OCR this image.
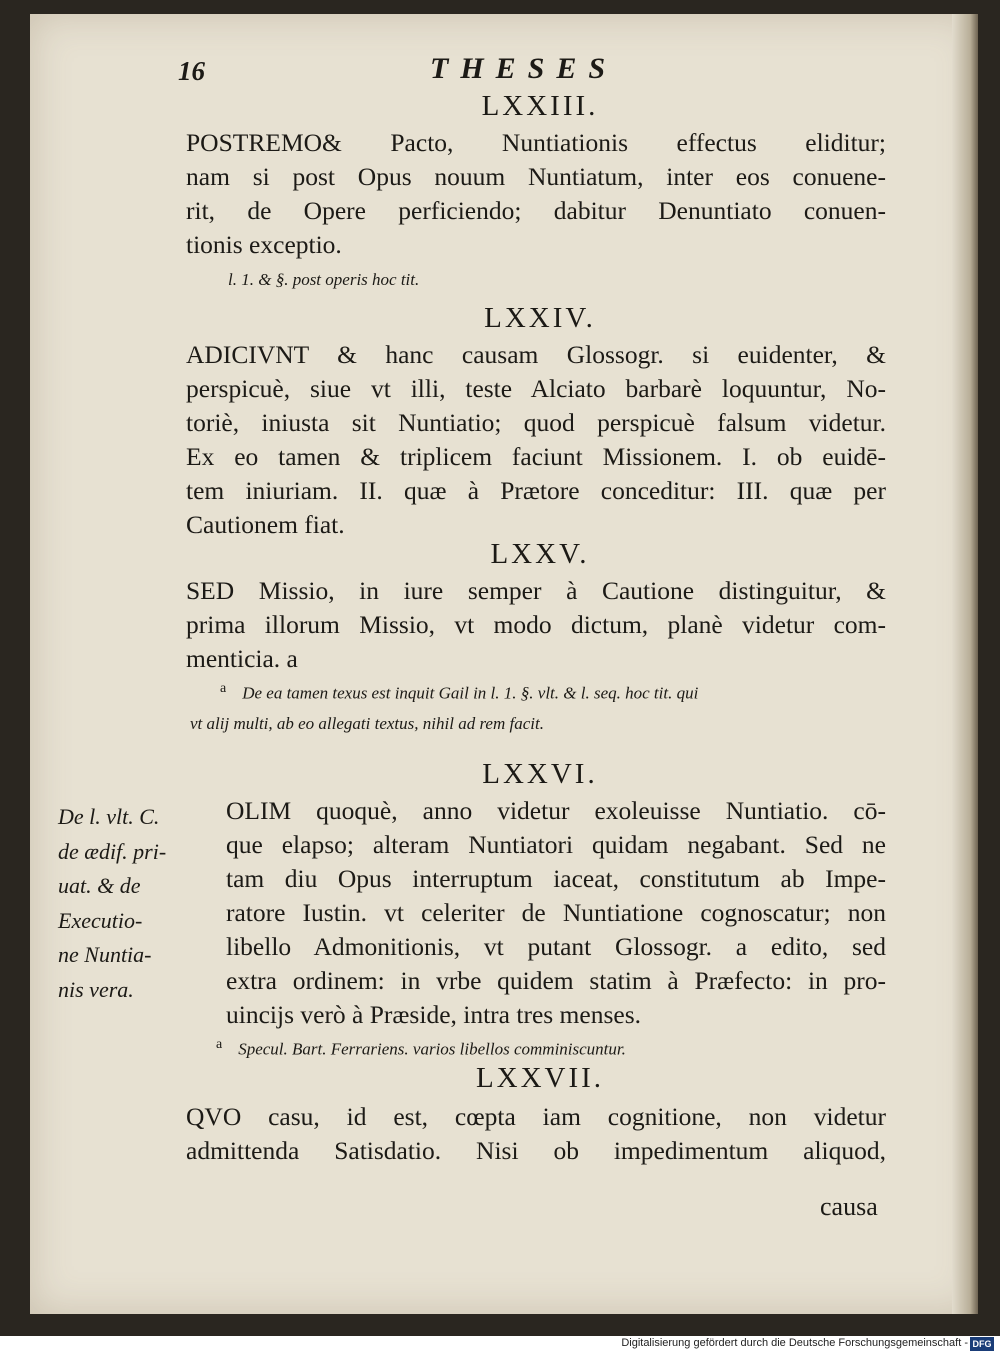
16	THESES

LXXIII.

POSTREMO& Pacto, Nuntiationis effectus eliditur;
nam si post Opus nouum Nuntiatum, inter eos conuene-
rit, de Opere perficiendo; dabitur Denuntiato conuen-
tionis exceptio.

l. 1. & §. post operis hoc tit.

LXXIV.

ADICIVNT & hanc causam Glossogr. si euidenter, &
perspicuè, siue vt illi, teste Alciato barbarè loquuntur, No-
toriè, iniusta sit Nuntiatio; quod perspicuè falsum videtur.
Ex eo tamen & triplicem faciunt Missionem. I. ob euidē-
tem iniuriam. II. quæ à Prætore conceditur: III. quæ per
Cautionem fiat.

LXXV.

SED Missio, in iure semper à Cautione distinguitur, &
prima illorum Missio, vt modo dictum, planè videtur com-
menticia. a
$^a$ De ea tamen texus est inquit Gail in l. 1. §. vlt. & l. seq. hoc tit. qui
vt alij multi, ab eo allegati textus, nihil ad rem facit.

LXXVI.

De l. vlt. C.
de ædif. pri-
uat. & de
Executio-
ne Nuntia-
nis vera.
OLIM quoquè, anno videtur exoleuisse Nuntiatio. cō-
que elapso; alteram Nuntiatori quidam negabant. Sed ne
tam diu Opus interruptum iaceat, constitutum ab Impe-
ratore Iustin. vt celeriter de Nuntiatione cognoscatur; non
libello Admonitionis, vt putant Glossogr. a edito, sed
extra ordinem: in vrbe quidem statim à Præfecto: in pro-
uincijs verò à Præside, intra tres menses.
$^a$ Specul. Bart. Ferrariens. varios libellos comminiscuntur.

LXXVII.

QVO casu, id est, cœpta iam cognitione, non videtur
admittenda Satisdatio. Nisi ob impedimentum aliquod,

causa

Digitalisierung gefördert durch die Deutsche Forschungsgemeinschaft - DFG
